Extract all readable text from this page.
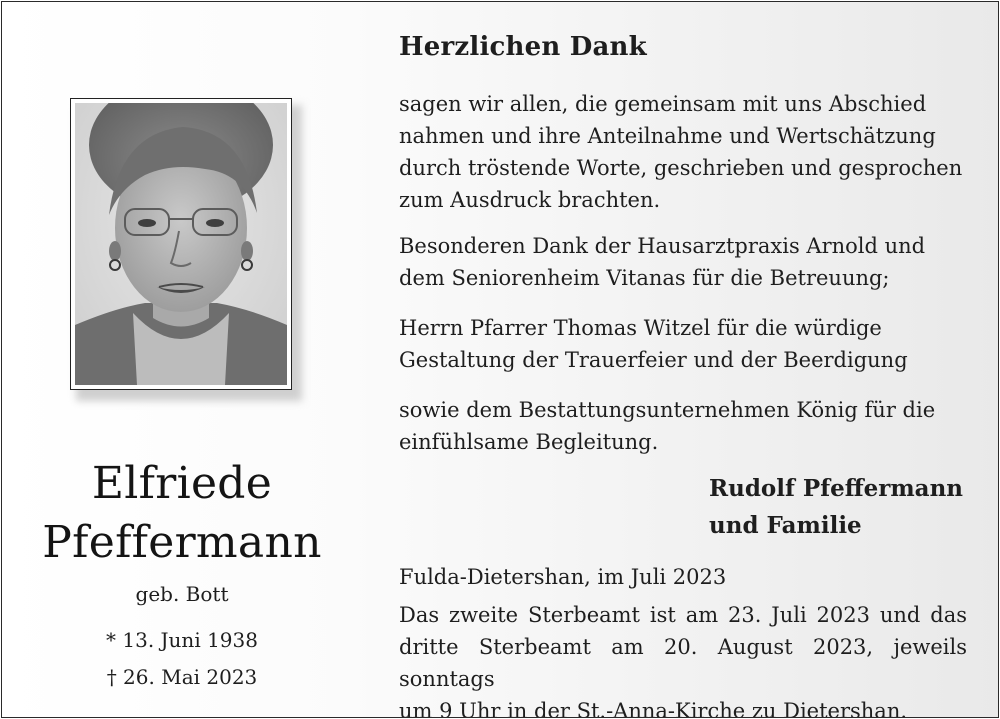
Elfriede
Pfeffermann
geb. Bott
* 13. Juni 1938
† 26. Mai 2023
Herzlichen Dank
sagen wir allen, die gemeinsam mit uns Abschied
nahmen und ihre Anteilnahme und Wertschätzung
durch tröstende Worte, geschrieben und gesprochen
zum Ausdruck brachten.
Besonderen Dank der Hausarztpraxis Arnold und
dem Seniorenheim Vitanas für die Betreuung;
Herrn Pfarrer Thomas Witzel für die würdige
Gestaltung der Trauerfeier und der Beerdigung
sowie dem Bestattungsunternehmen König für die
einfühlsame Begleitung.
Rudolf Pfeffermann
und Familie
Fulda-Dietershan, im Juli 2023
Das zweite Sterbeamt ist am 23. Juli 2023 und das
dritte Sterbeamt am 20. August 2023, jeweils sonntags
um 9 Uhr in der St.-Anna-Kirche zu Dietershan.
